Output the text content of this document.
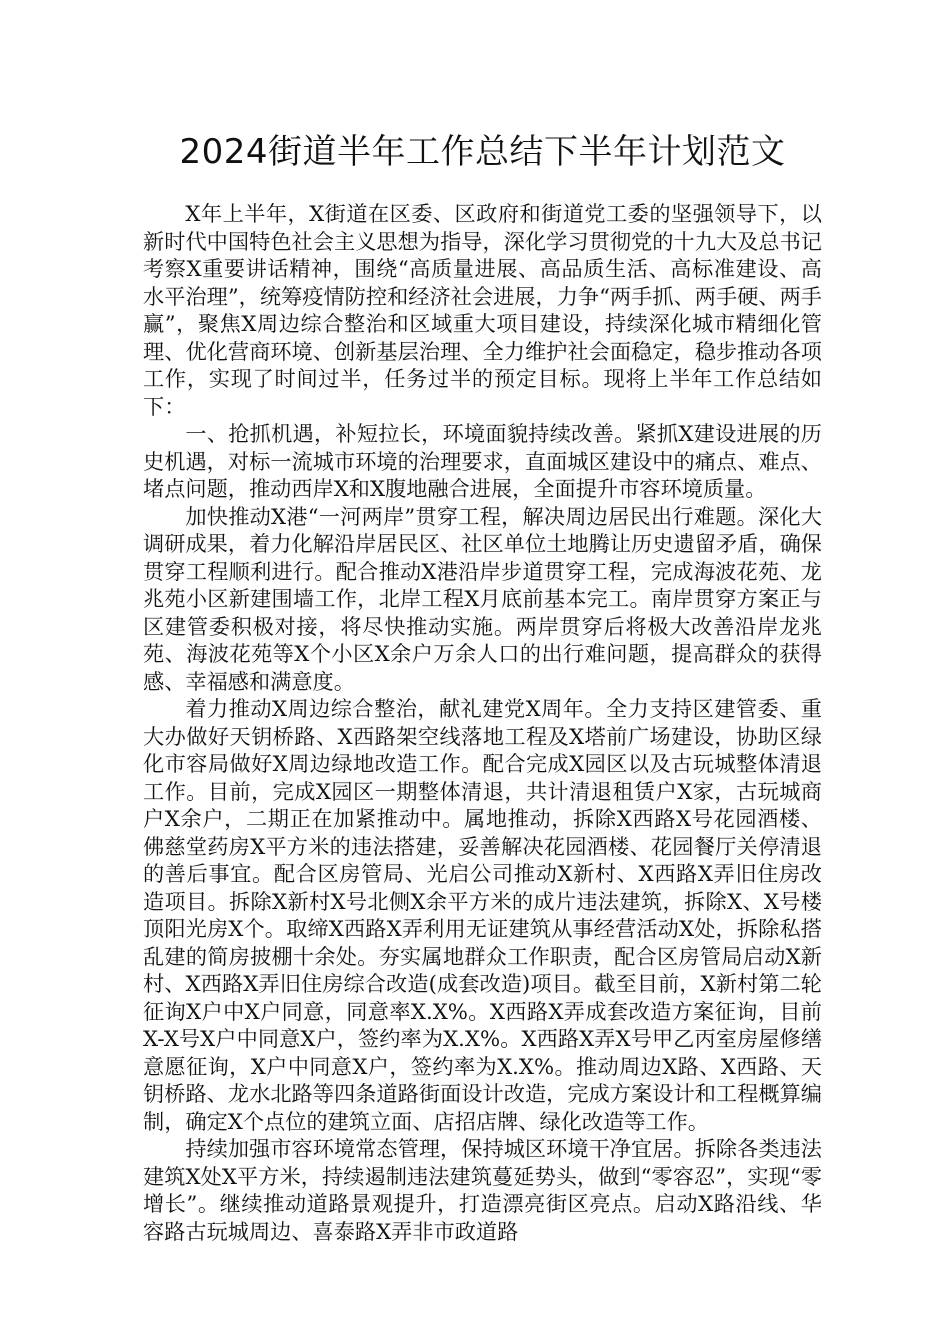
2024街道半年工作总结下半年计划范文

X年上半年，X街道在区委、区政府和街道党工委的坚强领导下，以新时代中国特色社会主义思想为指导，深化学习贯彻党的十九大及总书记考察X重要讲话精神，围绕“高质量进展、高品质生活、高标准建设、高水平治理”，统筹疫情防控和经济社会进展，力争“两手抓、两手硬、两手赢”，聚焦X周边综合整治和区域重大项目建设，持续深化城市精细化管理、优化营商环境、创新基层治理、全力维护社会面稳定，稳步推动各项工作，实现了时间过半，任务过半的预定目标。现将上半年工作总结如下：

一、抢抓机遇，补短拉长，环境面貌持续改善。紧抓X建设进展的历史机遇，对标一流城市环境的治理要求，直面城区建设中的痛点、难点、堵点问题，推动西岸X和X腹地融合进展，全面提升市容环境质量。

加快推动X港“一河两岸”贯穿工程，解决周边居民出行难题。深化大调研成果，着力化解沿岸居民区、社区单位土地腾让历史遗留矛盾，确保贯穿工程顺利进行。配合推动X港沿岸步道贯穿工程，完成海波花苑、龙兆苑小区新建围墙工作，北岸工程X月底前基本完工。南岸贯穿方案正与区建管委积极对接，将尽快推动实施。两岸贯穿后将极大改善沿岸龙兆苑、海波花苑等X个小区X余户万余人口的出行难问题，提高群众的获得感、幸福感和满意度。

着力推动X周边综合整治，献礼建党X周年。全力支持区建管委、重大办做好天钥桥路、X西路架空线落地工程及X塔前广场建设，协助区绿化市容局做好X周边绿地改造工作。配合完成X园区以及古玩城整体清退工作。目前，完成X园区一期整体清退，共计清退租赁户X家，古玩城商户X余户，二期正在加紧推动中。属地推动，拆除X西路X号花园酒楼、佛慈堂药房X平方米的违法搭建，妥善解决花园酒楼、花园餐厅关停清退的善后事宜。配合区房管局、光启公司推动X新村、X西路X弄旧住房改造项目。拆除X新村X号北侧X余平方米的成片违法建筑，拆除X、X号楼顶阳光房X个。取缔X西路X弄利用无证建筑从事经营活动X处，拆除私搭乱建的简房披棚十余处。夯实属地群众工作职责，配合区房管局启动X新村、X西路X弄旧住房综合改造(成套改造)项目。截至目前，X新村第二轮征询X户中X户同意，同意率X.X%。X西路X弄成套改造方案征询，目前X-X号X户中同意X户，签约率为X.X%。X西路X弄X号甲乙丙室房屋修缮意愿征询，X户中同意X户，签约率为X.X%。推动周边X路、X西路、天钥桥路、龙水北路等四条道路街面设计改造，完成方案设计和工程概算编制，确定X个点位的建筑立面、店招店牌、绿化改造等工作。

持续加强市容环境常态管理，保持城区环境干净宜居。拆除各类违法建筑X处X平方米，持续遏制违法建筑蔓延势头，做到“零容忍”，实现“零增长”。继续推动道路景观提升，打造漂亮街区亮点。启动X路沿线、华容路古玩城周边、喜泰路X弄非市政道路
